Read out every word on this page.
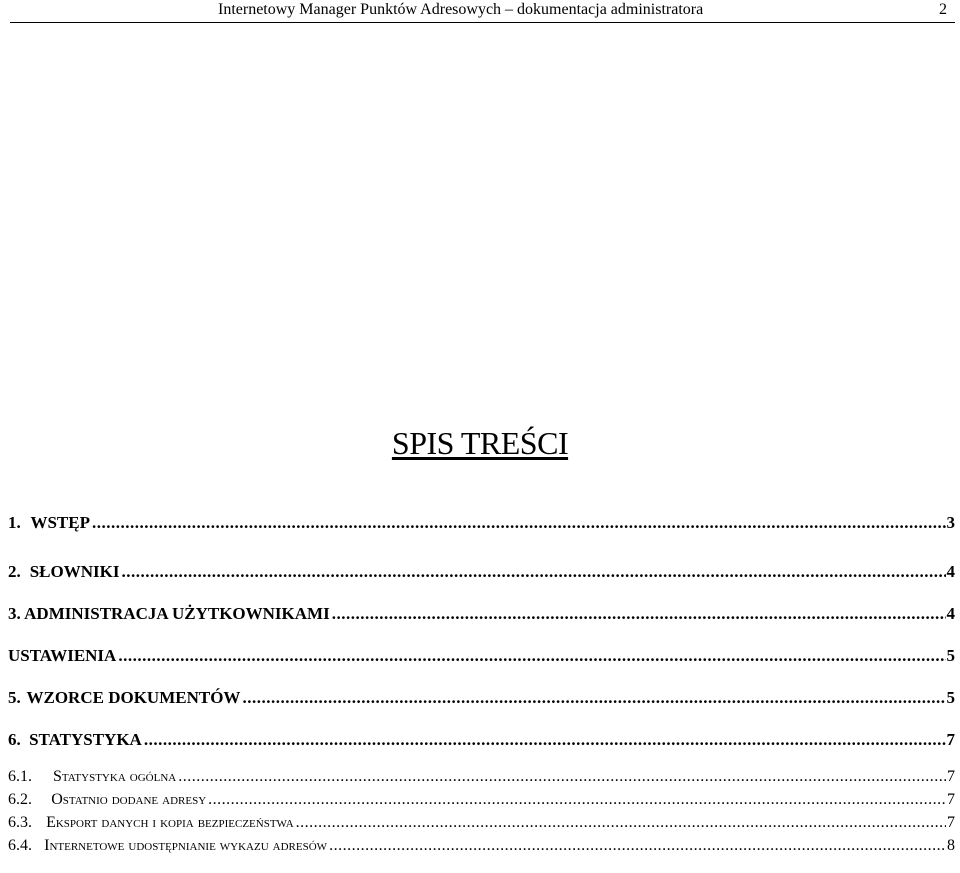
Internetowy Manager Punktów Adresowych – dokumentacja administratora	2
SPIS TREŚCI
1. WSTĘP .....	3
2. SŁOWNIKI .....	4
3. ADMINISTRACJA UŻYTKOWNIKAMI .....	4
USTAWIENIA .....	5
5. WZORCE DOKUMENTÓW .....	5
6. STATYSTYKA .....	7
6.1.	Statystyka ogólna .....	7
6.2.	Ostatnio dodane adresy .....	7
6.3. Eksport danych i kopia bezpieczeństwa .....	7
6.4. Internetowe udostępnianie wykazu adresów .....	8
